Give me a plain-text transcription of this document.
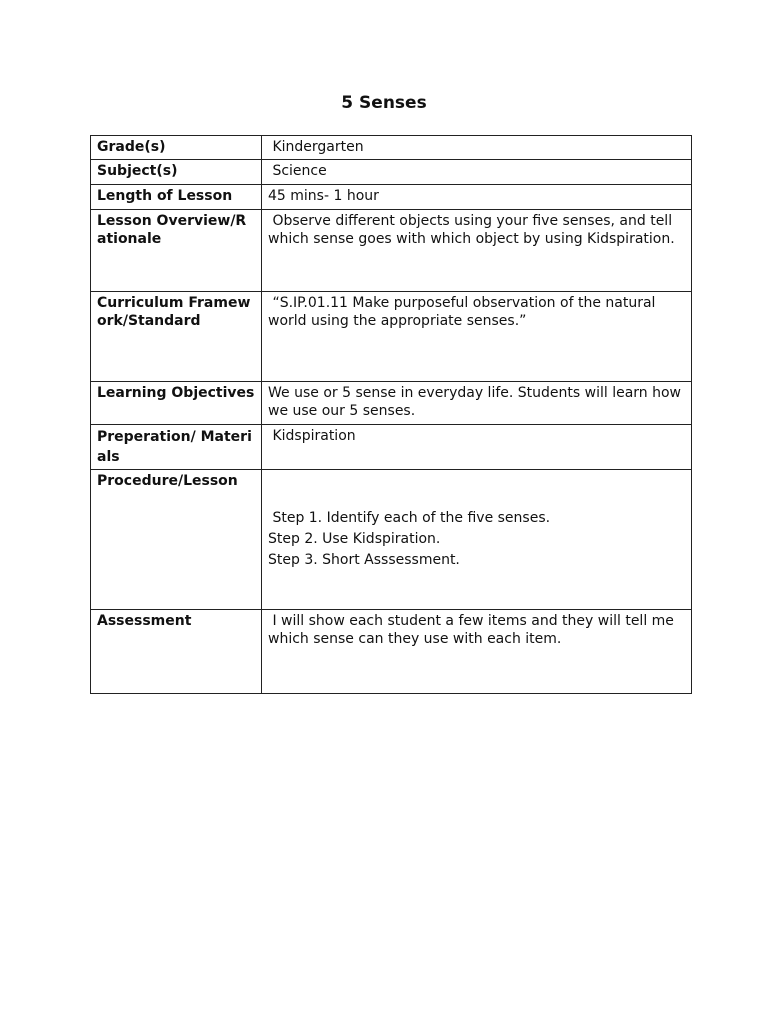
5 Senses
Grade(s)	Kindergarten
Subject(s)	Science
Length of Lesson	45 mins- 1 hour
Lesson Overview/Rationale	Observe different objects using your five senses, and tell which sense goes with which object by using Kidspiration.
Curriculum Framework/Standard	“S.IP.01.11 Make purposeful observation of the natural world using the appropriate senses.”
Learning Objectives	We use or 5 sense in everyday life. Students will learn how we use our 5 senses.
Preperation/ Materials	Kidspiration
Procedure/Lesson	Step 1. Identify each of the five senses.
Step 2. Use Kidspiration.
Step 3. Short Asssessment.

Assessment	I will show each student a few items and they will tell me which sense can they use with each item.
